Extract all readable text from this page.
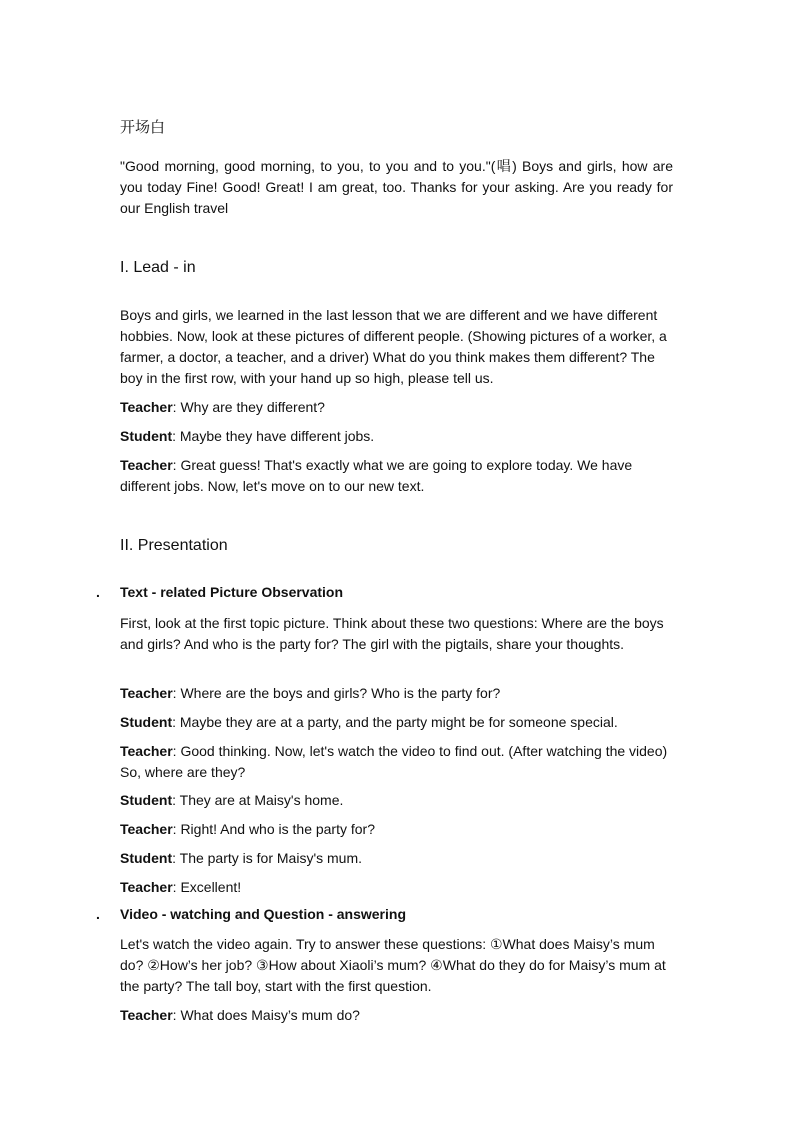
开场白
"Good morning, good morning, to you, to you and to you."(唱) Boys and girls, how are you today Fine! Good! Great! I am great, too. Thanks for your asking. Are you ready for our English travel
I. Lead - in
Boys and girls, we learned in the last lesson that we are different and we have different hobbies. Now, look at these pictures of different people. (Showing pictures of a worker, a farmer, a doctor, a teacher, and a driver) What do you think makes them different? The boy in the first row, with your hand up so high, please tell us.
Teacher: Why are they different?
Student: Maybe they have different jobs.
Teacher: Great guess! That's exactly what we are going to explore today. We have different jobs. Now, let's move on to our new text.
II. Presentation
. Text - related Picture Observation
First, look at the first topic picture. Think about these two questions: Where are the boys and girls? And who is the party for? The girl with the pigtails, share your thoughts.
Teacher: Where are the boys and girls? Who is the party for?
Student: Maybe they are at a party, and the party might be for someone special.
Teacher: Good thinking. Now, let's watch the video to find out. (After watching the video) So, where are they?
Student: They are at Maisy's home.
Teacher: Right! And who is the party for?
Student: The party is for Maisy's mum.
Teacher: Excellent!
. Video - watching and Question - answering
Let's watch the video again. Try to answer these questions: ①What does Maisy’s mum do? ②How’s her job? ③How about Xiaoli’s mum? ④What do they do for Maisy’s mum at the party? The tall boy, start with the first question.
Teacher: What does Maisy’s mum do?
